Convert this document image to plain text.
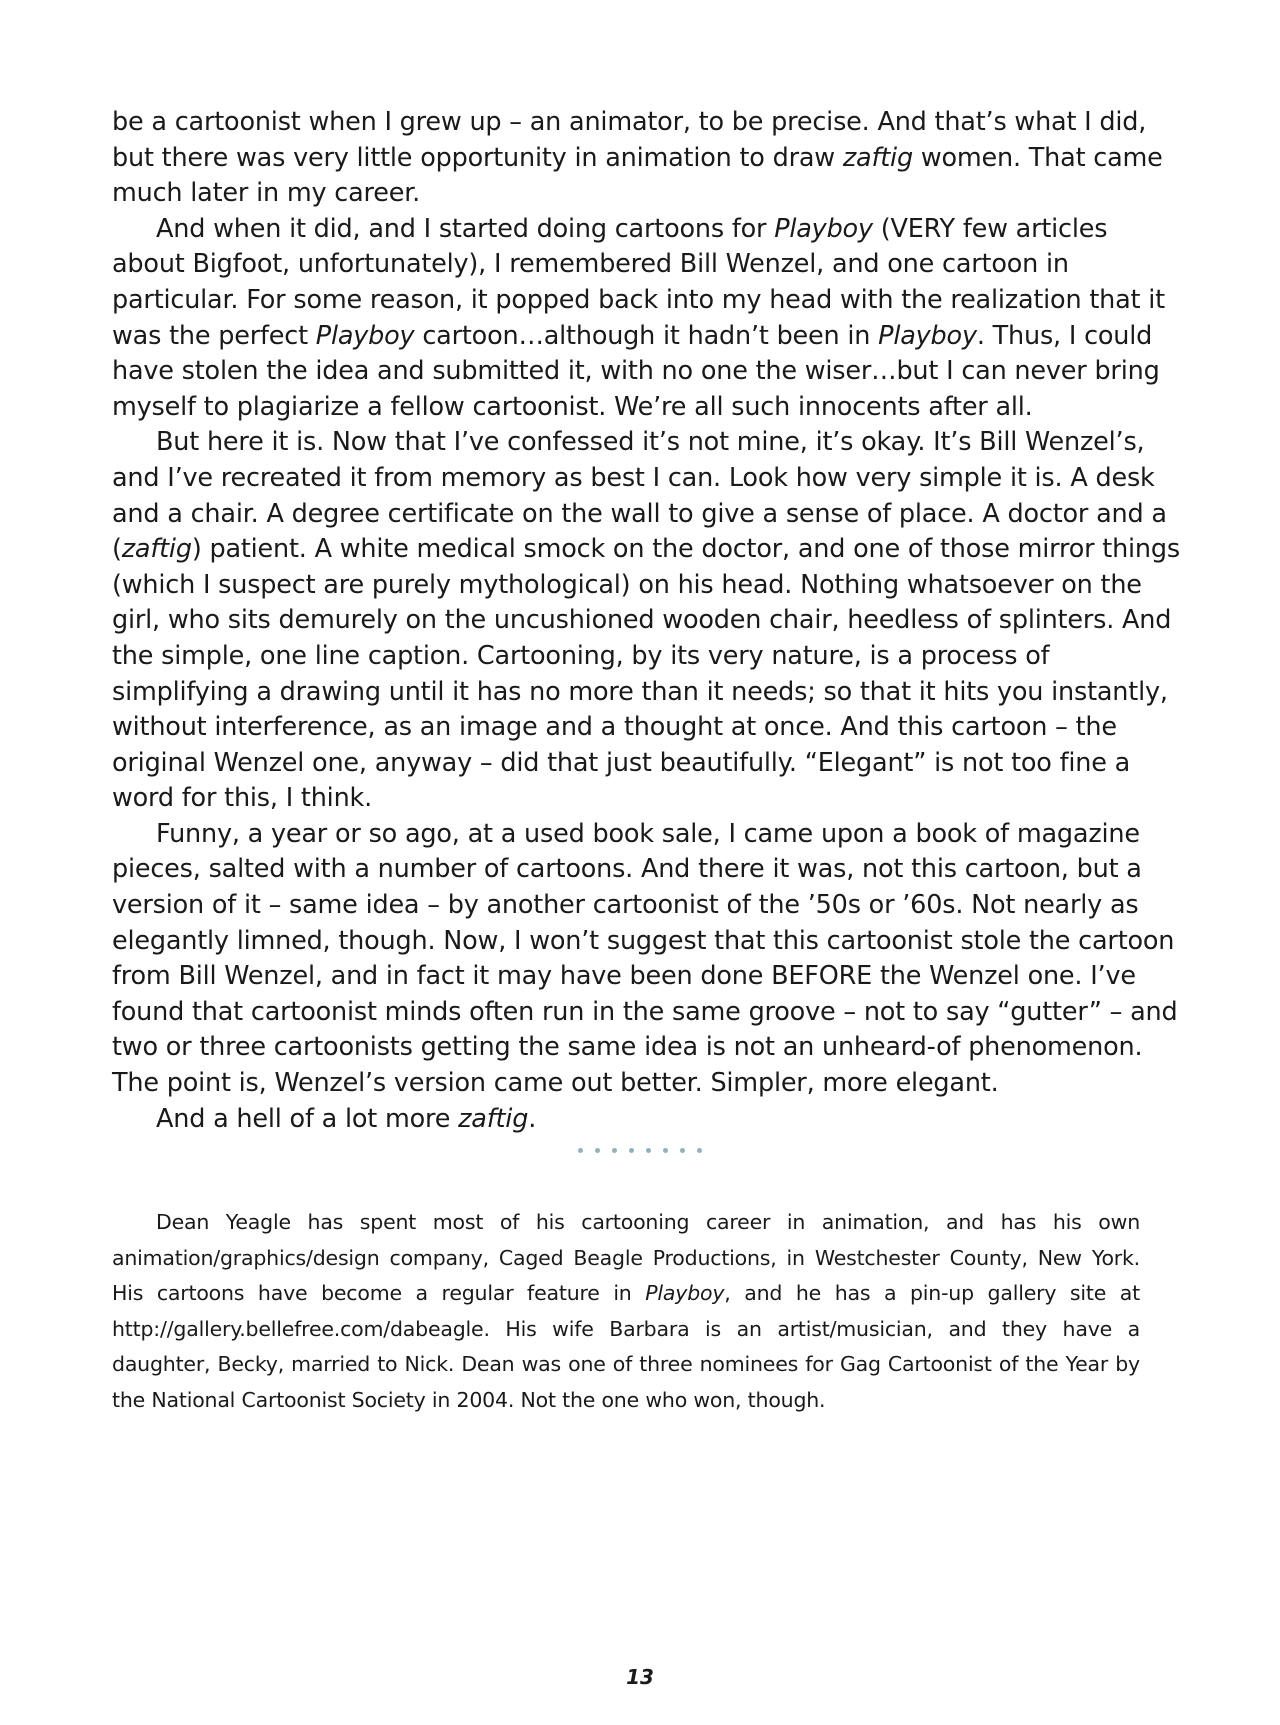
be a cartoonist when I grew up – an animator, to be precise. And that’s what I did, but there was very little opportunity in animation to draw zaftig women. That came much later in my career.

And when it did, and I started doing cartoons for Playboy (VERY few articles about Bigfoot, unfortunately), I remembered Bill Wenzel, and one cartoon in particular. For some reason, it popped back into my head with the realization that it was the perfect Playboy cartoon…although it hadn’t been in Playboy. Thus, I could have stolen the idea and submitted it, with no one the wiser…but I can never bring myself to plagiarize a fellow cartoonist. We’re all such innocents after all.

But here it is. Now that I’ve confessed it’s not mine, it’s okay. It’s Bill Wenzel’s, and I’ve recreated it from memory as best I can. Look how very simple it is. A desk and a chair. A degree certificate on the wall to give a sense of place. A doctor and a (zaftig) patient. A white medical smock on the doctor, and one of those mirror things (which I suspect are purely mythological) on his head. Nothing whatsoever on the girl, who sits demurely on the uncushioned wooden chair, heedless of splinters. And the simple, one line caption. Cartooning, by its very nature, is a process of simplifying a drawing until it has no more than it needs; so that it hits you instantly, without interference, as an image and a thought at once. And this cartoon – the original Wenzel one, anyway – did that just beautifully. “Elegant” is not too fine a word for this, I think.

Funny, a year or so ago, at a used book sale, I came upon a book of magazine pieces, salted with a number of cartoons. And there it was, not this cartoon, but a version of it – same idea – by another cartoonist of the ’50s or ’60s. Not nearly as elegantly limned, though. Now, I won’t suggest that this cartoonist stole the cartoon from Bill Wenzel, and in fact it may have been done BEFORE the Wenzel one. I’ve found that cartoonist minds often run in the same groove – not to say “gutter” – and two or three cartoonists getting the same idea is not an unheard-of phenomenon. The point is, Wenzel’s version came out better. Simpler, more elegant.

And a hell of a lot more zaftig.

Dean Yeagle has spent most of his cartooning career in animation, and has his own animation/graphics/design company, Caged Beagle Productions, in Westchester County, New York. His cartoons have become a regular feature in Playboy, and he has a pin-up gallery site at http://gallery.bellefree.com/dabeagle. His wife Barbara is an artist/musician, and they have a daughter, Becky, married to Nick. Dean was one of three nominees for Gag Cartoonist of the Year by the National Cartoonist Society in 2004. Not the one who won, though.

13
